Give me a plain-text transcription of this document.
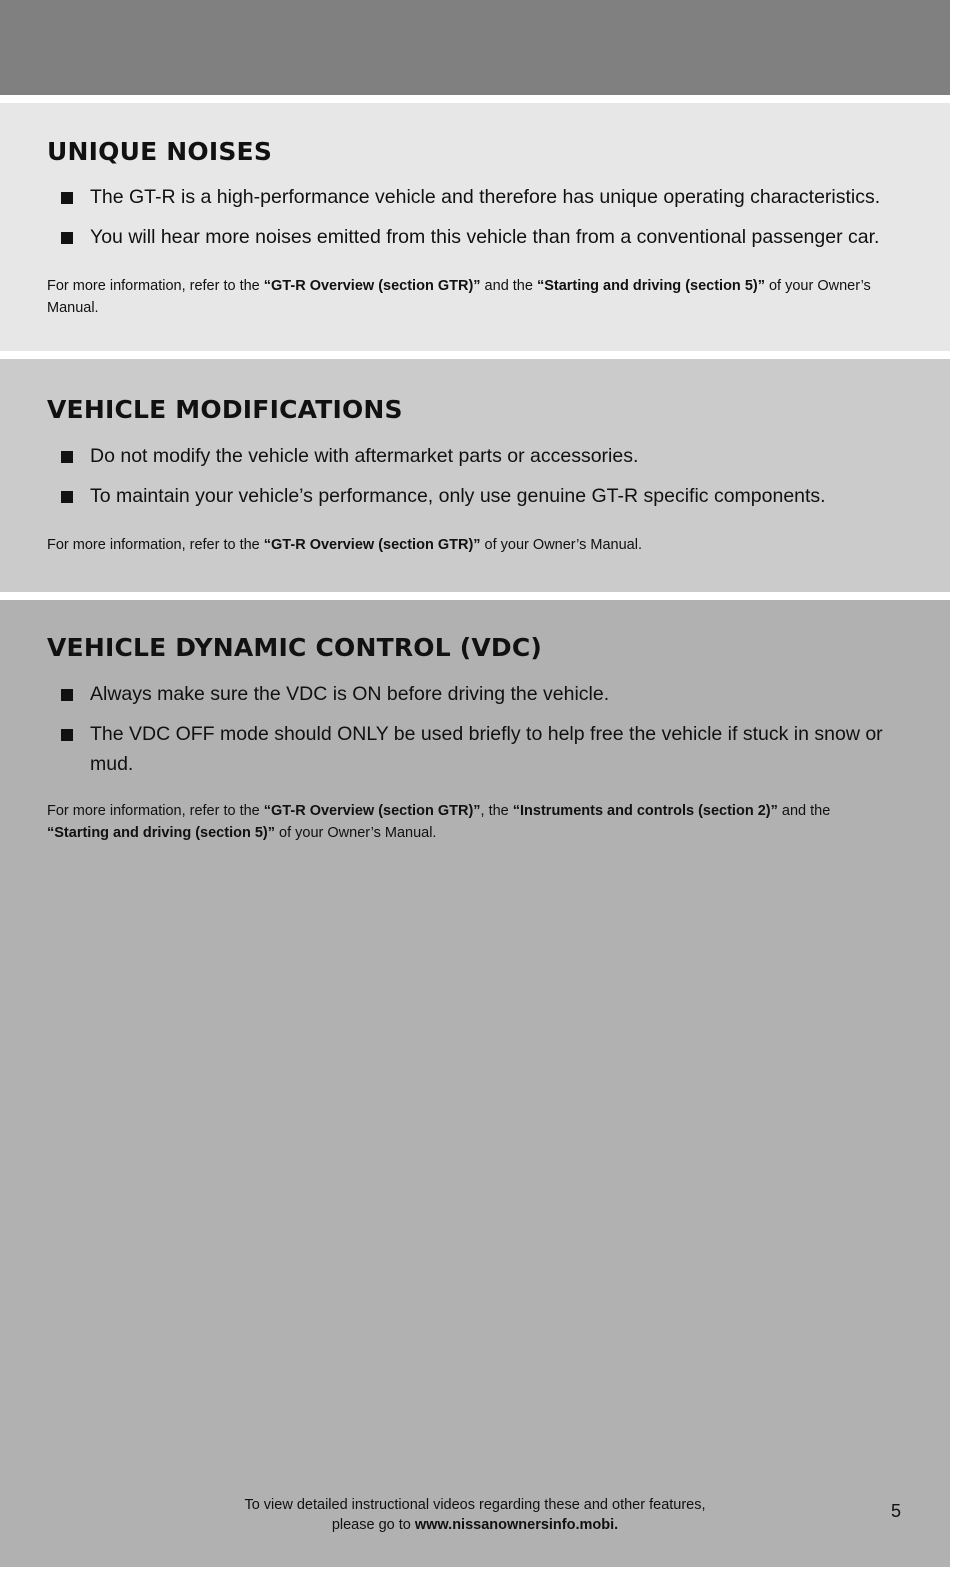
UNIQUE NOISES
The GT-R is a high-performance vehicle and therefore has unique operating characteristics.
You will hear more noises emitted from this vehicle than from a conventional passenger car.

For more information, refer to the “GT-R Overview (section GTR)” and the “Starting and driving (section 5)” of your Owner’s Manual.

VEHICLE MODIFICATIONS
Do not modify the vehicle with aftermarket parts or accessories.
To maintain your vehicle’s performance, only use genuine GT-R specific components.

For more information, refer to the “GT-R Overview (section GTR)” of your Owner’s Manual.

VEHICLE DYNAMIC CONTROL (VDC)
Always make sure the VDC is ON before driving the vehicle.
The VDC OFF mode should ONLY be used briefly to help free the vehicle if stuck in snow or mud.

For more information, refer to the “GT-R Overview (section GTR)”, the “Instruments and controls (section 2)” and the
“Starting and driving (section 5)” of your Owner’s Manual.

To view detailed instructional videos regarding these and other features,
please go to www.nissanownersinfo.mobi.
5
